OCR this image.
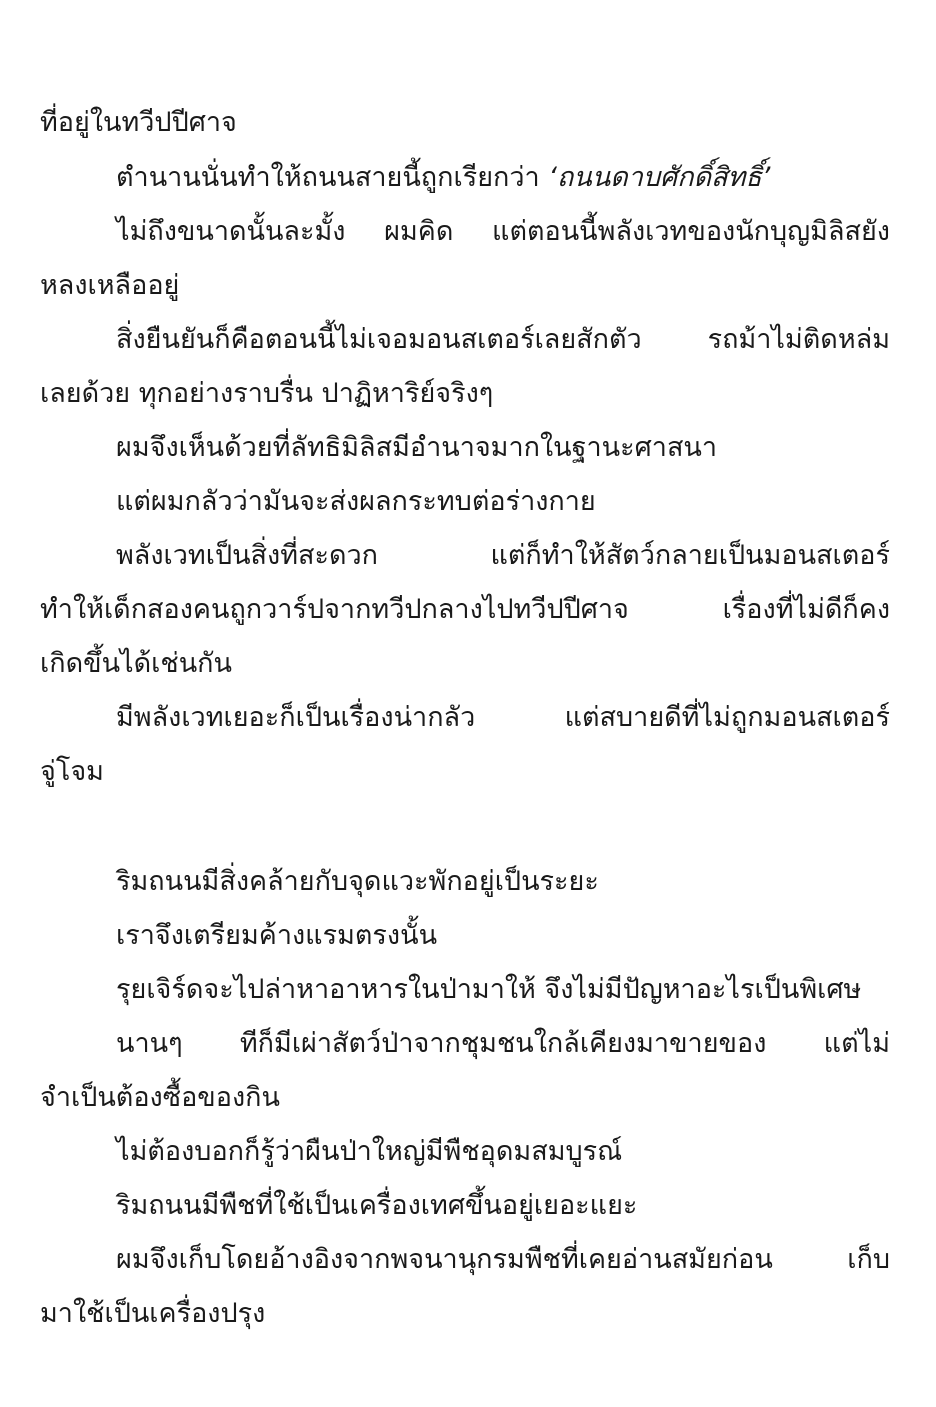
ที่อยู่ในทวีปปีศาจ
ตำนานนั่นทำให้ถนนสายนี้ถูกเรียกว่า ‘ถนนดาบศักดิ์สิทธิ์’
ไม่ถึงขนาดนั้นละมั้ง ผมคิด แต่ตอนนี้พลังเวทของนักบุญมิลิสยัง
หลงเหลืออยู่
สิ่งยืนยันก็คือตอนนี้ไม่เจอมอนสเตอร์เลยสักตัว รถม้าไม่ติดหล่ม
เลยด้วย ทุกอย่างราบรื่น ปาฏิหาริย์จริงๆ
ผมจึงเห็นด้วยที่ลัทธิมิลิสมีอำนาจมากในฐานะศาสนา
แต่ผมกลัวว่ามันจะส่งผลกระทบต่อร่างกาย
พลังเวทเป็นสิ่งที่สะดวก แต่ก็ทำให้สัตว์กลายเป็นมอนสเตอร์
ทำให้เด็กสองคนถูกวาร์ปจากทวีปกลางไปทวีปปีศาจ เรื่องที่ไม่ดีก็คง
เกิดขึ้นได้เช่นกัน
มีพลังเวทเยอะก็เป็นเรื่องน่ากลัว แต่สบายดีที่ไม่ถูกมอนสเตอร์
จู่โจม
ริมถนนมีสิ่งคล้ายกับจุดแวะพักอยู่เป็นระยะ
เราจึงเตรียมค้างแรมตรงนั้น
รุยเจิร์ดจะไปล่าหาอาหารในป่ามาให้ จึงไม่มีปัญหาอะไรเป็นพิเศษ
นานๆ ทีก็มีเผ่าสัตว์ป่าจากชุมชนใกล้เคียงมาขายของ แต่ไม่
จำเป็นต้องซื้อของกิน
ไม่ต้องบอกก็รู้ว่าผืนป่าใหญ่มีพืชอุดมสมบูรณ์
ริมถนนมีพืชที่ใช้เป็นเครื่องเทศขึ้นอยู่เยอะแยะ
ผมจึงเก็บโดยอ้างอิงจากพจนานุกรมพืชที่เคยอ่านสมัยก่อน เก็บ
มาใช้เป็นเครื่องปรุง
